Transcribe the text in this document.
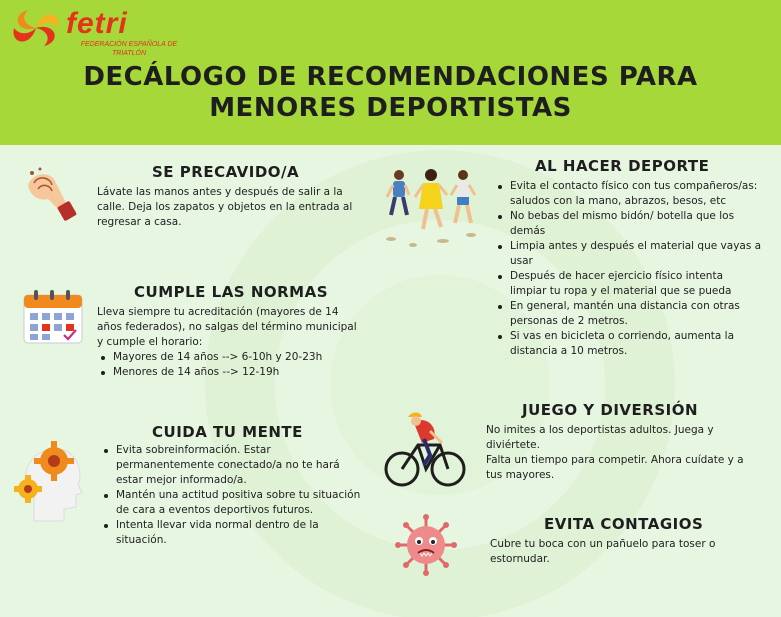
fetri
FEDERACIÓN ESPAÑOLA DE TRIATLÓN
DECÁLOGO DE RECOMENDACIONES PARA
MENORES DEPORTISTAS
SE PRECAVIDO/A
Lávate las manos antes y después de salir a la calle. Deja los zapatos y objetos en la entrada al regresar a casa.
CUMPLE LAS NORMAS

Lleva siempre tu acreditación (mayores de 14 años federados), no salgas del término municipal y cumple el horario:

Mayores de 14 años --> 6-10h y 20-23h
Menores de 14 años --> 12-19h
CUIDA TU MENTE
Evita sobreinformación. Estar permanentemente conectado/a no te hará estar mejor informado/a.
Mantén una actitud positiva sobre tu situación de cara a eventos deportivos futuros.
Intenta llevar vida normal dentro de la situación.
AL HACER DEPORTE
Evita el contacto físico con tus compañeros/as: saludos con la mano, abrazos, besos, etc
No bebas del mismo bidón/ botella que los demás
Limpia antes y después el material que vayas a usar
Después de hacer ejercicio físico intenta limpiar tu ropa y el material que se pueda
En general, mantén una distancia con otras personas de 2 metros.
Si vas en bicicleta o corriendo, aumenta la distancia a 10 metros.
JUEGO Y DIVERSIÓN

No imites a los deportistas adultos. Juega y diviértete.

Falta un tiempo para competir. Ahora cuídate y a tus mayores.

EVITA CONTAGIOS
Cubre tu boca con un pañuelo para toser o estornudar.
